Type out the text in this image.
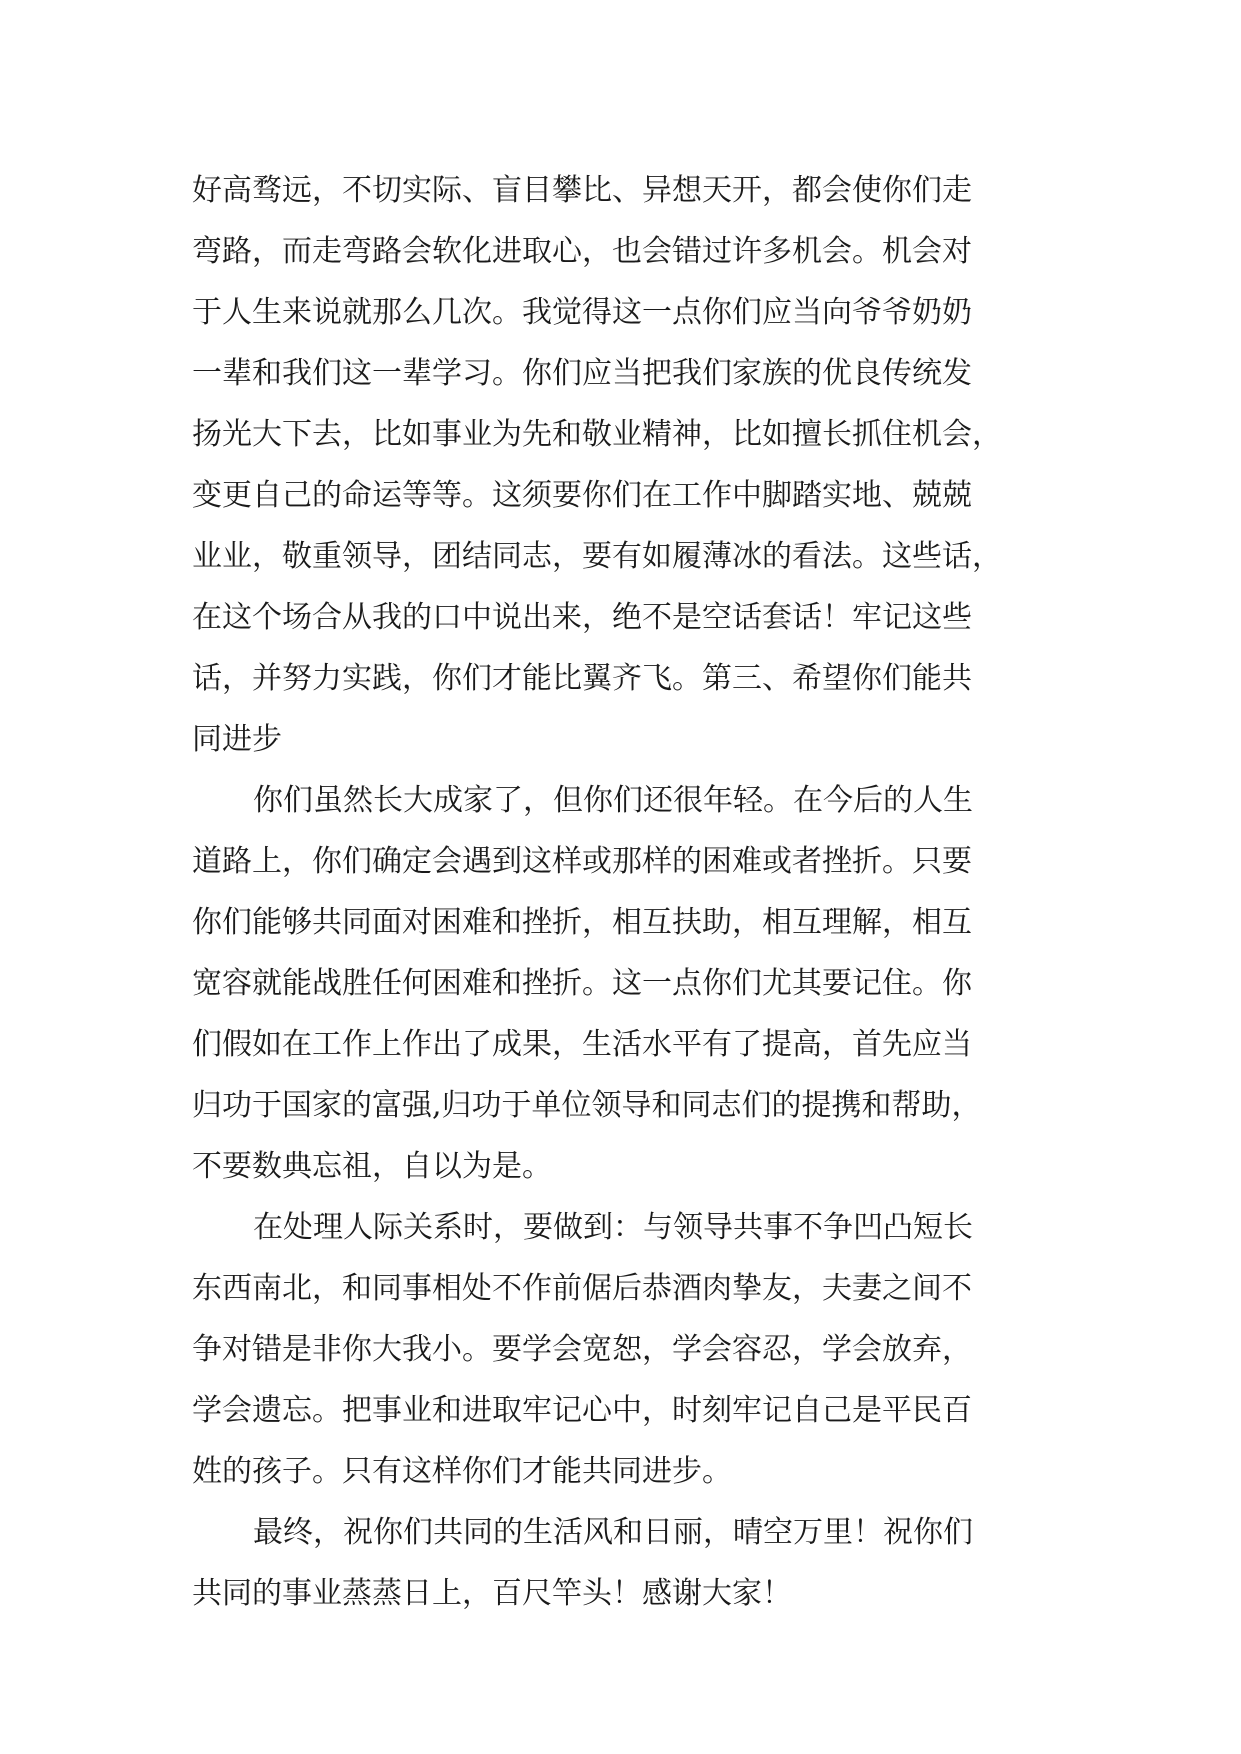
好高骛远，不切实际、盲目攀比、异想天开，都会使你们走
弯路，而走弯路会软化进取心，也会错过许多机会。机会对
于人生来说就那么几次。我觉得这一点你们应当向爷爷奶奶
一辈和我们这一辈学习。你们应当把我们家族的优良传统发
扬光大下去，比如事业为先和敬业精神，比如擅长抓住机会，
变更自己的命运等等。这须要你们在工作中脚踏实地、兢兢
业业，敬重领导，团结同志，要有如履薄冰的看法。这些话，
在这个场合从我的口中说出来，绝不是空话套话！牢记这些
话，并努力实践，你们才能比翼齐飞。第三、希望你们能共
同进步
你们虽然长大成家了，但你们还很年轻。在今后的人生
道路上，你们确定会遇到这样或那样的困难或者挫折。只要
你们能够共同面对困难和挫折，相互扶助，相互理解，相互
宽容就能战胜任何困难和挫折。这一点你们尤其要记住。你
们假如在工作上作出了成果，生活水平有了提高，首先应当
归功于国家的富强,归功于单位领导和同志们的提携和帮助，
不要数典忘祖，自以为是。
在处理人际关系时，要做到：与领导共事不争凹凸短长
东西南北，和同事相处不作前倨后恭酒肉挚友，夫妻之间不
争对错是非你大我小。要学会宽恕，学会容忍，学会放弃，
学会遗忘。把事业和进取牢记心中，时刻牢记自己是平民百
姓的孩子。只有这样你们才能共同进步。
最终，祝你们共同的生活风和日丽，晴空万里！祝你们
共同的事业蒸蒸日上，百尺竿头！感谢大家！
